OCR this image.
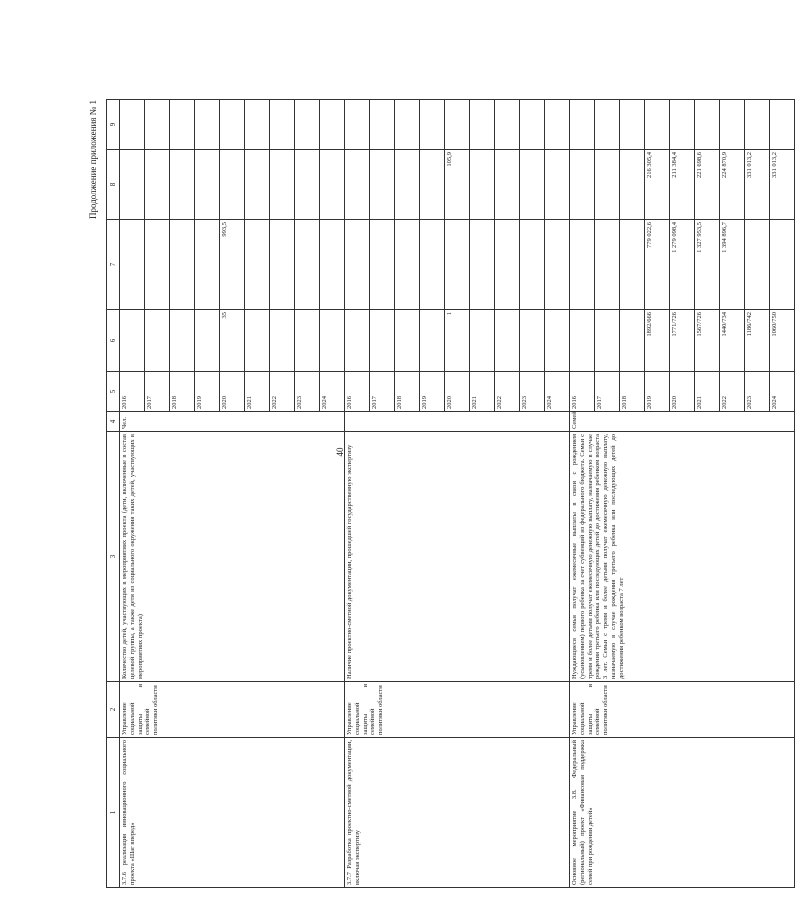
40
Продолжение приложения № 1
1	2	3	4	5	6	7	8	9	
3.7.6 реализация инновационного социального проекта «Шаг вперед»	Управление социальной защиты и семейной политики области	Количество детей, участвующих в мероприятиях проекта (дети, включенные в состав целевой группы, а также дети из социального окружения таких детей, участвующих в мероприятиях проекта)	Чел.	2016					
				2017					
				2018					
				2019					
				2020	35	993,5			
				2021					
				2022					
				2023					
				2024					
3.7.7 Разработка проектно-сметной документации, включая экспертизу	Управление социальной защиты и семейной политики области	Наличие проектно-сметной документации, прошедшей государственную экспертизу		2016					
				2017					
				2018					
				2019					
				2020	1		105,9		
				2021					
				2022					
				2023					
				2024					
Основное мероприятие 3.8. Федеральный (региональный) проект «Финансовая поддержка семей при рождении детей»	Управление социальной защиты и семейной политики области	Нуждающиеся семьи получат ежемесячные выплаты в связи с рождением (усыновлением) первого ребенка за счет субвенций из федерального бюджета. Семьи с тремя и более детьми получат ежемесячную денежную выплату, назначаемую в случае рождения третьего ребенка или последующих детей до достижения ребенком возраста 3 лет. Семьи с тремя и более детьми получат ежемесячную денежную выплату, назначаемую в случае рождения третьего ребенка или последующих детей до достижения ребенком возраста 7 лет	Семей	2016					
				2017					
				2018					
				2019	1892/666	779 022,6	216 305,4		
				2020	1771/726	1 279 098,4	211 384,4		
				2021	1567/726	1 327 953,5	221 698,6		
				2022	1440/734	1 394 896,7	224 870,9		
				2023	1186/742		331 013,2		
				2024	1060/750		331 013,2		
